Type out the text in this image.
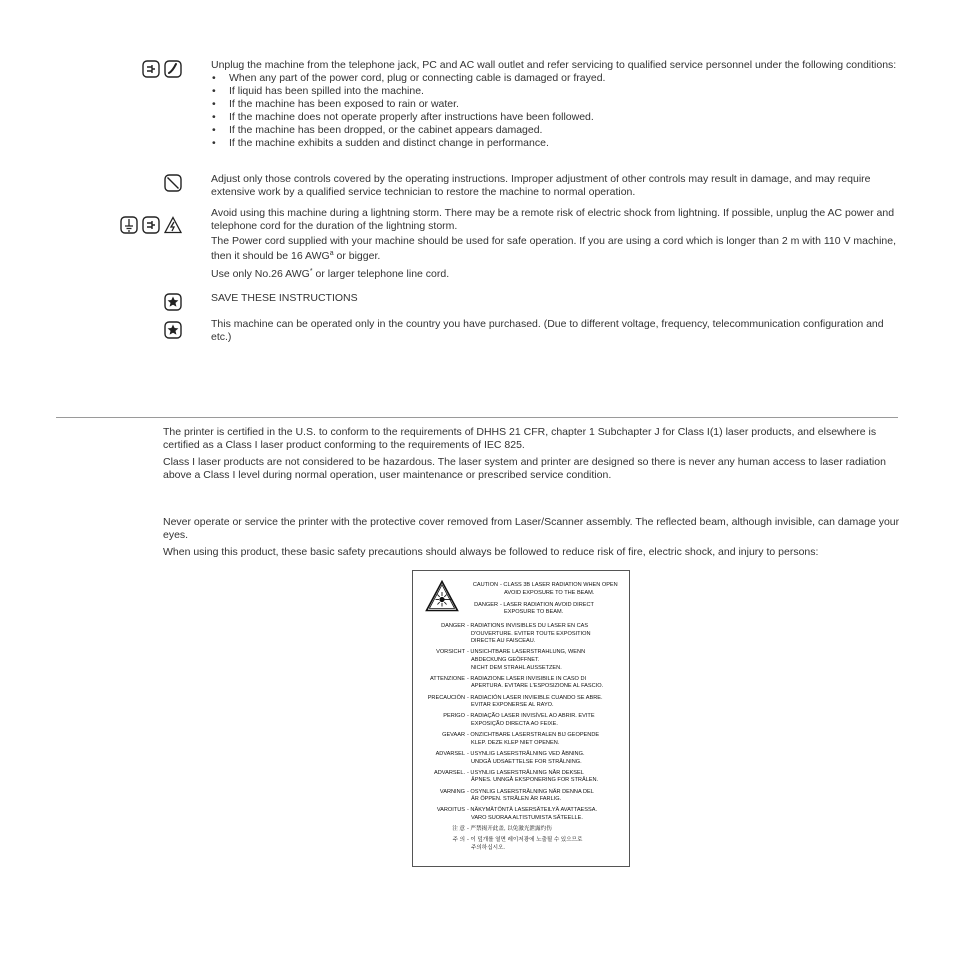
Unplug the machine from the telephone jack, PC and AC wall outlet and refer servicing to qualified service personnel under the following conditions:

• When any part of the power cord, plug or connecting cable is damaged or frayed.
• If liquid has been spilled into the machine.
• If the machine has been exposed to rain or water.
• If the machine does not operate properly after instructions have been followed.
• If the machine has been dropped, or the cabinet appears damaged.
• If the machine exhibits a sudden and distinct change in performance.

Adjust only those controls covered by the operating instructions. Improper adjustment of other controls may result in damage, and may require extensive work by a qualified service technician to restore the machine to normal operation.

Avoid using this machine during a lightning storm. There may be a remote risk of electric shock from lightning. If possible, unplug the AC power and telephone cord for the duration of the lightning storm.

The Power cord supplied with your machine should be used for safe operation. If you are using a cord which is longer than 2 m with 110 V machine, then it should be 16 AWG$^a$ or bigger.

Use only No.26 AWG* or larger telephone line cord.

SAVE THESE INSTRUCTIONS

This machine can be operated only in the country you have purchased. (Due to different voltage, frequency, telecommunication configuration and etc.)

The printer is certified in the U.S. to conform to the requirements of DHHS 21 CFR, chapter 1 Subchapter J for Class I(1) laser products, and elsewhere is certified as a Class I laser product conforming to the requirements of IEC 825.

Class I laser products are not considered to be hazardous. The laser system and printer are designed so there is never any human access to laser radiation above a Class I level during normal operation, user maintenance or prescribed service condition.

Never operate or service the printer with the protective cover removed from Laser/Scanner assembly. The reflected beam, although invisible, can damage your eyes.

When using this product, these basic safety precautions should always be followed to reduce risk of fire, electric shock, and injury to persons:

CAUTION - CLASS 3B LASER RADIATION WHEN OPEN
AVOID EXPOSURE TO THE BEAM.
DANGER - LASER RADIATION AVOID DIRECT
EXPOSURE TO BEAM.
DANGER - RADIATIONS INVISIBLES DU LASER EN CAS
D'OUVERTURE. EVITER TOUTE EXPOSITION
DIRECTE AU FAISCEAU.
VORSICHT - UNSICHTBARE LASERSTRAHLUNG, WENN
ABDECKUNG GEÖFFNET.
NICHT DEM STRAHL AUSSETZEN.
ATTENZIONE - RADIAZIONE LASER INVISIBILE IN CASO DI
APERTURA. EVITARE L'ESPOSIZIONE AL FASCIO.
PRECAUCIÓN - RADIACIÓN LASER INVIEIBLE CUANDO SE ABRE.
EVITAR EXPONERSE AL RAYO.
PERIGO - RADIAÇÃO LASER INVISÍVEL AO ABRIR. EVITE
EXPOSIÇÃO DIRECTA AO FEIXE.
GEVAAR - ONZICHTBARE LASERSTRALEN BIJ GEOPENDE
KLEP. DEZE KLEP NIET OPENEN.
ADVARSEL - USYNLIG LASERSTRÅLNING VED ÅBNING.
UNDGÅ UDSAETTELSE FOR STRÅLNING.
ADVARSEL. - USYNLIG LASERSTRÅLNING NÅR DEKSEL
ÅPNES. UNNGÅ EKSPONERING FOR STRÅLEN.
VARNING - OSYNLIG LASERSTRÅLNING NÄR DENNA DEL
ÄR ÖPPEN. STRÅLEN ÄR FARLIG.
VAROITUS - NÄKYMÄTÖNTÄ LASERSÄTEILYÄ AVATTAESSA.
VARO SUORAA ALTISTUMISTA SÄTEELLE.
注 意 - 严禁揭开此盖, 以免激光泄露灼伤
주 의 - 이 덮개를 열면 레이저광에 노출될 수 있으므로
주의하십시오.
